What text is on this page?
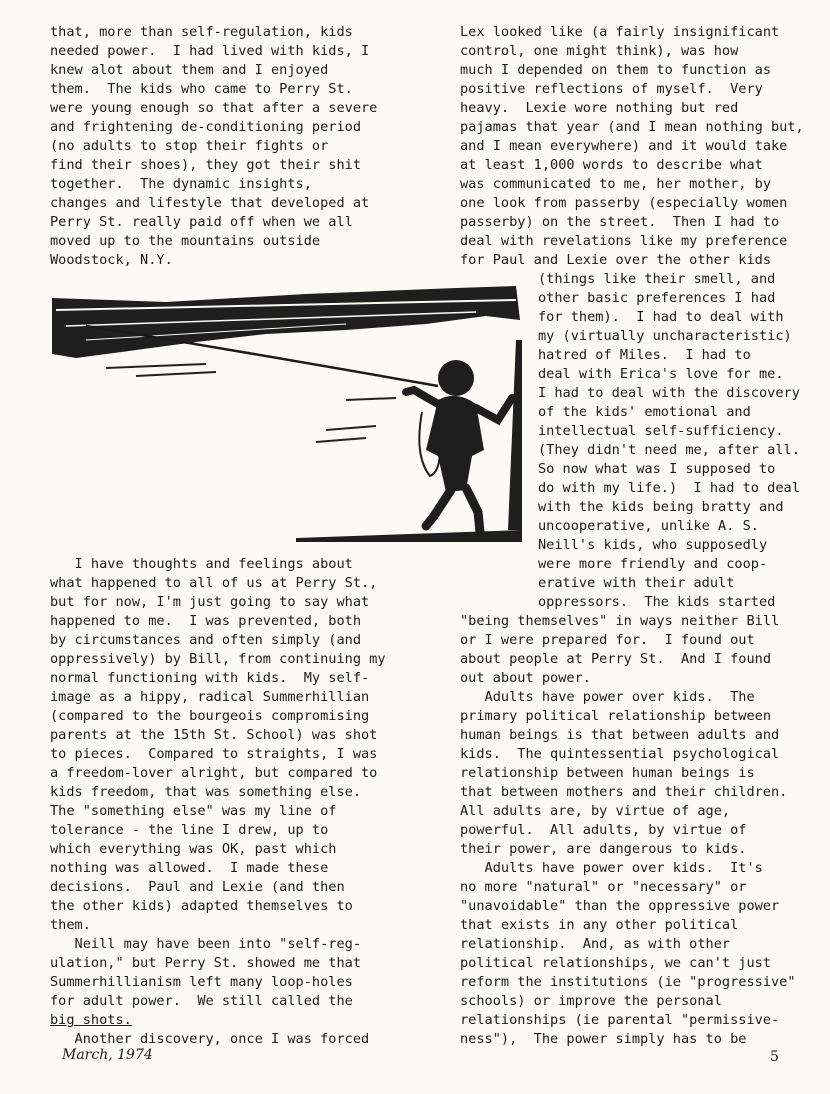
that, more than self-regulation, kids
needed power.  I had lived with kids, I
knew alot about them and I enjoyed
them.  The kids who came to Perry St.
were young enough so that after a severe
and frightening de-conditioning period
(no adults to stop their fights or
find their shoes), they got their shit
together.  The dynamic insights,
changes and lifestyle that developed at
Perry St. really paid off when we all
moved up to the mountains outside
Woodstock, N.Y.
I have thoughts and feelings about
what happened to all of us at Perry St.,
but for now, I'm just going to say what
happened to me.  I was prevented, both
by circumstances and often simply (and
oppressively) by Bill, from continuing my
normal functioning with kids.  My self-
image as a hippy, radical Summerhillian
(compared to the bourgeois compromising
parents at the 15th St. School) was shot
to pieces.  Compared to straights, I was
a freedom-lover alright, but compared to
kids freedom, that was something else.
The "something else" was my line of
tolerance - the line I drew, up to
which everything was OK, past which
nothing was allowed.  I made these
decisions.  Paul and Lexie (and then
the other kids) adapted themselves to
them.
Neill may have been into "self-reg-
ulation," but Perry St. showed me that
Summerhillianism left many loop-holes
for adult power.  We still called the
big shots.
Another discovery, once I was forced
Lex looked like (a fairly insignificant
control, one might think), was how
much I depended on them to function as
positive reflections of myself.  Very
heavy.  Lexie wore nothing but red
pajamas that year (and I mean nothing but,
and I mean everywhere) and it would take
at least 1,000 words to describe what
was communicated to me, her mother, by
one look from passerby (especially women
passerby) on the street.  Then I had to
deal with revelations like my preference
for Paul and Lexie over the other kids
(things like their smell, and
other basic preferences I had
for them).  I had to deal with
my (virtually uncharacteristic)
hatred of Miles.  I had to
deal with Erica's love for me.
I had to deal with the discovery
of the kids' emotional and
intellectual self-sufficiency.
(They didn't need me, after all.
So now what was I supposed to
do with my life.)  I had to deal
with the kids being bratty and
uncooperative, unlike A. S.
Neill's kids, who supposedly
were more friendly and coop-
erative with their adult
oppressors.  The kids started
"being themselves" in ways neither Bill
or I were prepared for.  I found out
about people at Perry St.  And I found
out about power.
Adults have power over kids.  The
primary political relationship between
human beings is that between adults and
kids.  The quintessential psychological
relationship between human beings is
that between mothers and their children.
All adults are, by virtue of age,
powerful.  All adults, by virtue of
their power, are dangerous to kids.
Adults have power over kids.  It's
no more "natural" or "necessary" or
"unavoidable" than the oppressive power
that exists in any other political
relationship.  And, as with other
political relationships, we can't just
reform the institutions (ie "progressive"
schools) or improve the personal
relationships (ie parental "permissive-
ness"),  The power simply has to be
March, 1974	5
